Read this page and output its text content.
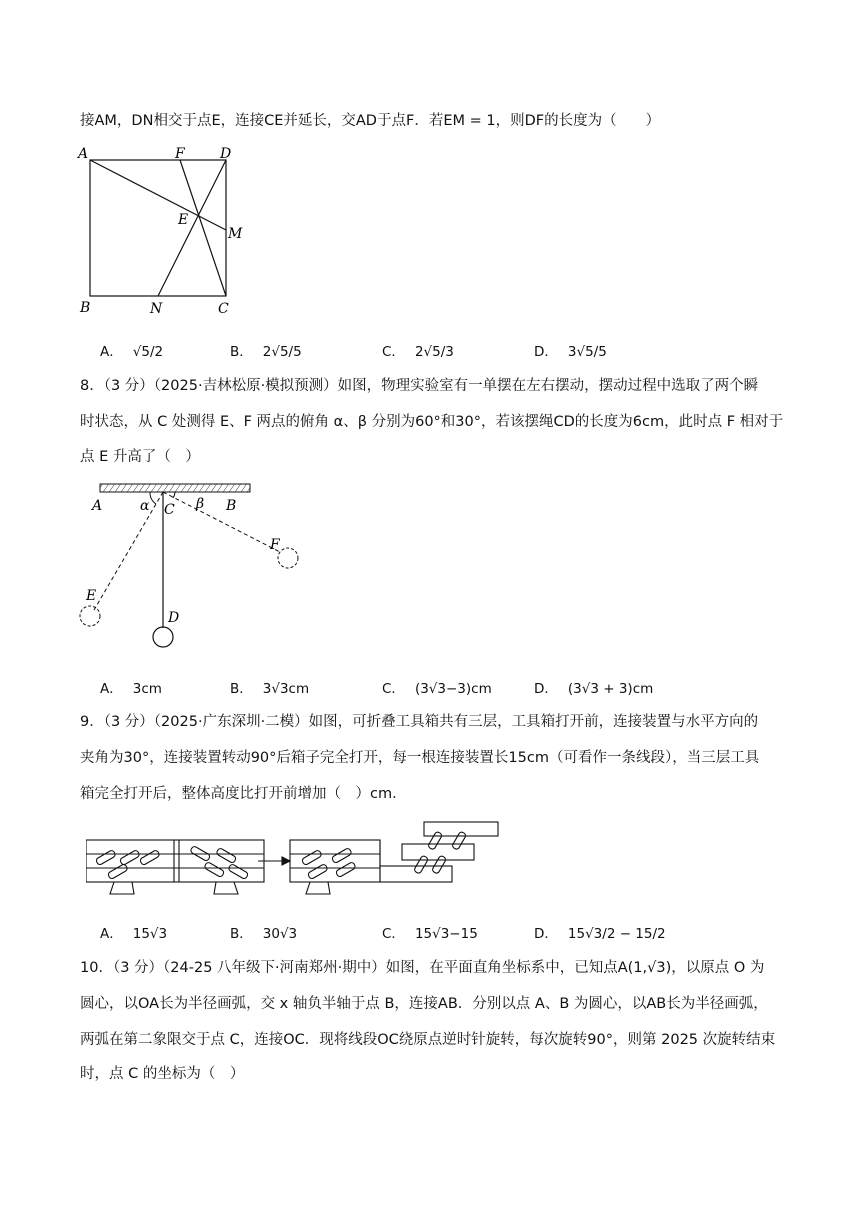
接AM，DN相交于点E，连接CE并延长，交AD于点F．若EM = 1，则DF的长度为（　　）
A	F	D
E
M
B	N	C
A． √5/2	B． 2√5/5	C． 2√5/3	D． 3√5/5
8．（3 分）（2025·吉林松原·模拟预测）如图，物理实验室有一单摆在左右摆动，摆动过程中选取了两个瞬
时状态，从 C 处测得 E、F 两点的俯角 α、β 分别为60°和30°，若该摆绳CD的长度为6cm，此时点 F 相对于
点 E 升高了（　）
A	α C β B
F
E
D
A． 3cm	B． 3√3cm	C． (3√3−3)cm	D． (3√3 + 3)cm
9．（3 分）（2025·广东深圳·二模）如图，可折叠工具箱共有三层，工具箱打开前，连接装置与水平方向的
夹角为30°，连接装置转动90°后箱子完全打开，每一根连接装置长15cm（可看作一条线段），当三层工具
箱完全打开后，整体高度比打开前增加（　）cm．
A． 15√3	B． 30√3	C． 15√3−15	D． 15√3/2 − 15/2
10．（3 分）（24-25 八年级下·河南郑州·期中）如图，在平面直角坐标系中，已知点A(1,√3)，以原点 O 为
圆心，以OA长为半径画弧，交 x 轴负半轴于点 B，连接AB．分别以点 A、B 为圆心，以AB长为半径画弧，
两弧在第二象限交于点 C，连接OC．现将线段OC绕原点逆时针旋转，每次旋转90°，则第 2025 次旋转结束
时，点 C 的坐标为（　）
